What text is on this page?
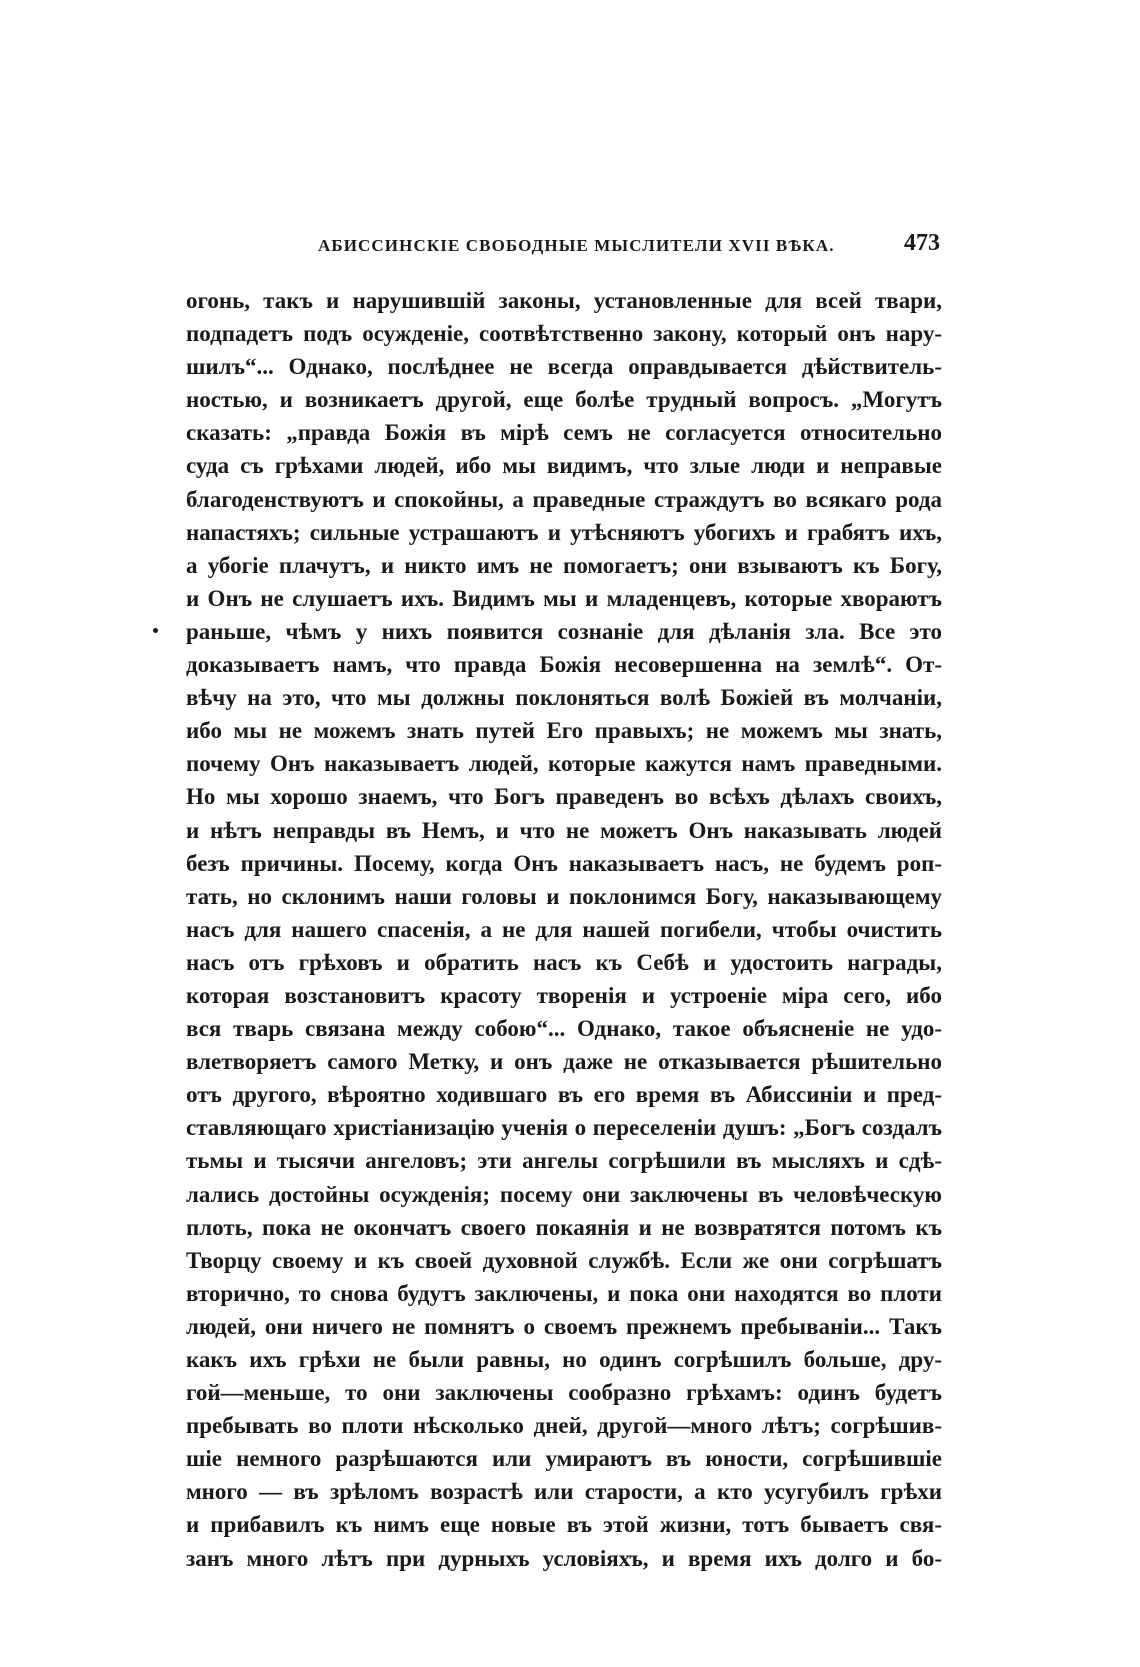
АБИССИНСКІЕ СВОБОДНЫЕ МЫСЛИТЕЛИ XVII ВѢКА.	473
огонь, такъ и нарушившій законы, установленные для всей твари,
подпадетъ подъ осужденіе, соотвѣтственно закону, который онъ нару-
шилъ“... Однако, послѣднее не всегда оправдывается дѣйствитель-
ностью, и возникаетъ другой, еще болѣе трудный вопросъ. „Могутъ
сказать: „правда Божія въ мірѣ семъ не согласуется относительно
суда съ грѣхами людей, ибо мы видимъ, что злые люди и неправые
благоденствуютъ и спокойны, а праведные страждутъ во всякаго рода
напастяхъ; сильные устрашаютъ и утѣсняютъ убогихъ и грабятъ ихъ,
а убогіе плачутъ, и никто имъ не помогаетъ; они взываютъ къ Богу,
и Онъ не слушаетъ ихъ. Видимъ мы и младенцевъ, которые хвораютъ
раньше, чѣмъ у нихъ появится сознаніе для дѣланія зла. Все это
доказываетъ намъ, что правда Божія несовершенна на землѣ“. От-
вѣчу на это, что мы должны поклоняться волѣ Божіей въ молчаніи,
ибо мы не можемъ знать путей Его правыхъ; не можемъ мы знать,
почему Онъ наказываетъ людей, которые кажутся намъ праведными.
Но мы хорошо знаемъ, что Богъ праведенъ во всѣхъ дѣлахъ своихъ,
и нѣтъ неправды въ Немъ, и что не можетъ Онъ наказывать людей
безъ причины. Посему, когда Онъ наказываетъ насъ, не будемъ роп-
тать, но склонимъ наши головы и поклонимся Богу, наказывающему
насъ для нашего спасенія, а не для нашей погибели, чтобы очистить
насъ отъ грѣховъ и обратить насъ къ Себѣ и удостоить награды,
которая возстановитъ красоту творенія и устроеніе міра сего, ибо
вся тварь связана между собою“... Однако, такое объясненіе не удо-
влетворяетъ самого Метку, и онъ даже не отказывается рѣшительно
отъ другого, вѣроятно ходившаго въ его время въ Абиссиніи и пред-
ставляющаго христіанизацію ученія о переселеніи душъ: „Богъ создалъ
тьмы и тысячи ангеловъ; эти ангелы согрѣшили въ мысляхъ и сдѣ-
лались достойны осужденія; посему они заключены въ человѣческую
плоть, пока не окончатъ своего покаянія и не возвратятся потомъ къ
Творцу своему и къ своей духовной службѣ. Если же они согрѣшатъ
вторично, то снова будутъ заключены, и пока они находятся во плоти
людей, они ничего не помнятъ о своемъ прежнемъ пребываніи... Такъ
какъ ихъ грѣхи не были равны, но одинъ согрѣшилъ больше, дру-
гой—меньше, то они заключены сообразно грѣхамъ: одинъ будетъ
пребывать во плоти нѣсколько дней, другой—много лѣтъ; согрѣшив-
шіе немного разрѣшаются или умираютъ въ юности, согрѣшившіе
много — въ зрѣломъ возрастѣ или старости, а кто усугубилъ грѣхи
и прибавилъ къ нимъ еще новые въ этой жизни, тотъ бываетъ свя-
занъ много лѣтъ при дурныхъ условіяхъ, и время ихъ долго и бо-
